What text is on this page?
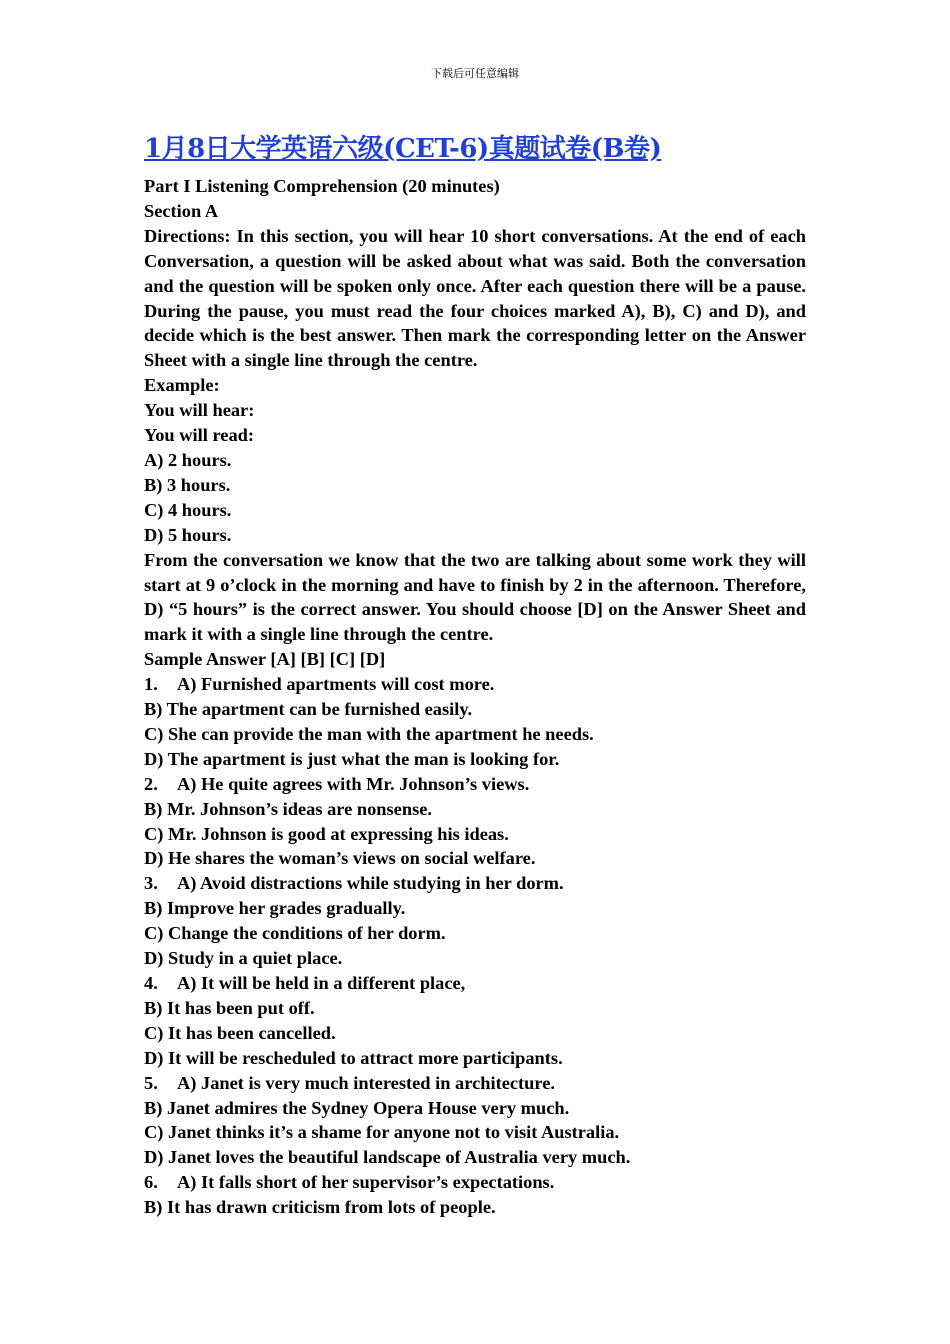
下载后可任意编辑
1月8日大学英语六级(CET-6)真题试卷(B卷)
Part I Listening Comprehension (20 minutes)
Section A
Directions: In this section, you will hear 10 short conversations. At the end of each Conversation, a question will be asked about what was said. Both the conversation and the question will be spoken only once. After each question there will be a pause. During the pause, you must read the four choices marked A), B), C) and D), and decide which is the best answer. Then mark the corresponding letter on the Answer Sheet with a single line through the centre.
Example:
You will hear:
You will read:
A) 2 hours.
B) 3 hours.
C) 4 hours.
D) 5 hours.
From the conversation we know that the two are talking about some work they will start at 9 o’clock in the morning and have to finish by 2 in the afternoon. Therefore, D) “5 hours” is the correct answer. You should choose [D] on the Answer Sheet and mark it with a single line through the centre.
Sample Answer [A] [B] [C] [D]
1. A) Furnished apartments will cost more.
B) The apartment can be furnished easily.
C) She can provide the man with the apartment he needs.
D) The apartment is just what the man is looking for.
2. A) He quite agrees with Mr. Johnson’s views.
B) Mr. Johnson’s ideas are nonsense.
C) Mr. Johnson is good at expressing his ideas.
D) He shares the woman’s views on social welfare.
3. A) Avoid distractions while studying in her dorm.
B) Improve her grades gradually.
C) Change the conditions of her dorm.
D) Study in a quiet place.
4. A) It will be held in a different place,
B) It has been put off.
C) It has been cancelled.
D) It will be rescheduled to attract more participants.
5. A) Janet is very much interested in architecture.
B) Janet admires the Sydney Opera House very much.
C) Janet thinks it’s a shame for anyone not to visit Australia.
D) Janet loves the beautiful landscape of Australia very much.
6. A) It falls short of her supervisor’s expectations.
B) It has drawn criticism from lots of people.
